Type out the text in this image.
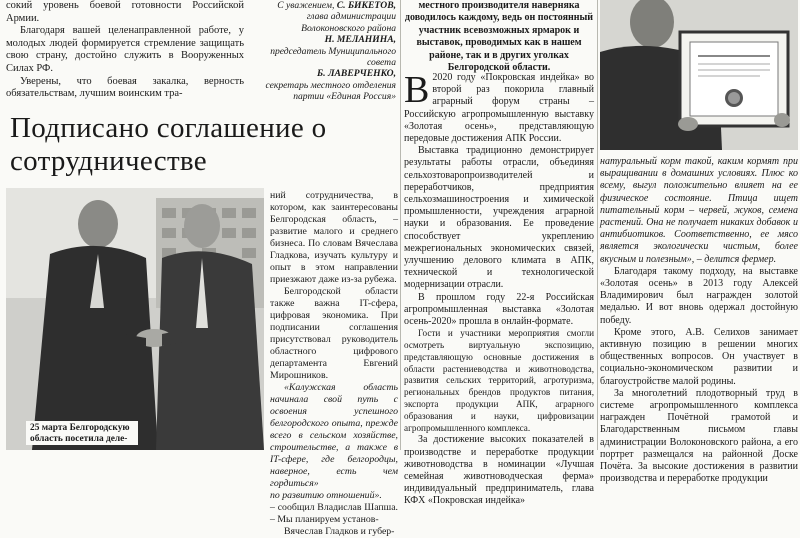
сокий уровень боевой готовности Российской Армии.

Благодаря вашей целенаправленной работе, у молодых людей формируется стремление защищать свою страну, достойно служить в Вооруженных Силах РФ.

Уверены, что боевая закалка, верность обязательствам, лучшим воинским тра-

С уважением, С. БИКЕТОВ,
глава администрации Волоконовского района
Н. МЕЛАНИНА,
председатель Муниципального совета
Б. ЛАВЕРЧЕНКО,
секретарь местного отделения партии «Единая Россия»
Подписано соглашение о сотрудничестве
25 марта Белгородскую область посетила деле-

ний сотрудничества, в котором, как заинтересованы Белгородская область, – развитие малого и среднего бизнеса. По словам Вячеслава Гладкова, изучать культуру и опыт в этом направлении приезжают даже из-за рубежа.

Белгородской области также важна IT-сфера, цифровая экономика. При подписании соглашения присутствовал руководитель областного цифрового департамента Евгений Мирошников.

«Калужская область начинала свой путь с освоения успешного белгородского опыта, прежде всего в сельском хозяйстве, строительстве, а также в IT-сфере, где белгородцы, наверное, есть чем гордиться»

по развитию отношений».

– сообщил Владислав Шапша. – Мы планируем установ-

Вячеслав Гладков и губер-

местного производителя наверняка доводилось каждому, ведь он постоянный участник всевозможных ярмарок и выставок, проводимых как в нашем районе, так и в других уголках Белгородской области.

В 2020 году «Покровская индейка» во второй раз покорила главный аграрный форум страны – Российскую агропромышленную выставку «Золотая осень», представляющую передовые достижения АПК России.

Выставка традиционно демонстрирует результаты работы отрасли, объединяя сельхозтоваропроизводителей и переработчиков, предприятия сельхозмашиностроения и химической промышленности, учреждения аграрной науки и образования. Ее проведение способствует укреплению межрегиональных экономических связей, улучшению делового климата в АПК, технической и технологической модернизации отрасли.

В прошлом году 22-я Российская агропромышленная выставка «Золотая осень-2020» прошла в онлайн-формате.

Гости и участники мероприятия смогли осмотреть виртуальную экспозицию, представляющую основные достижения в области растениеводства и животноводства, развития сельских территорий, агротуризма, региональных брендов продуктов питания, экспорта продукции АПК, аграрного образования и науки, цифровизации агропромышленного комплекса.

За достижение высоких показателей в производстве и переработке продукции животноводства в номинации «Лучшая семейная животноводческая ферма» индивидуальный предприниматель, глава КФХ «Покровская индейка»

натуральный корм такой, каким кормят при выращивании в домашних условиях. Плюс ко всему, выгул положительно влияет на ее физическое состояние. Птица ищет питательный корм – червей, жуков, семена растений. Она не получает никаких добавок и антибиотиков. Соответственно, ее мясо является экологически чистым, более вкусным и полезным», – делится фермер.

Благодаря такому подходу, на выставке «Золотая осень» в 2013 году Алексей Владимирович был награжден золотой медалью. И вот вновь одержал достойную победу.

Кроме этого, А.В. Селихов занимает активную позицию в решении многих общественных вопросов. Он участвует в социально-экономическом развитии и благоустройстве малой родины.

За многолетний плодотворный труд в системе агропромышленного комплекса награжден Почётной грамотой и Благодарственным письмом главы администрации Волоконовского района, а его портрет размещался на районной Доске Почёта. За высокие достижения в развитии производства и переработке продукции
